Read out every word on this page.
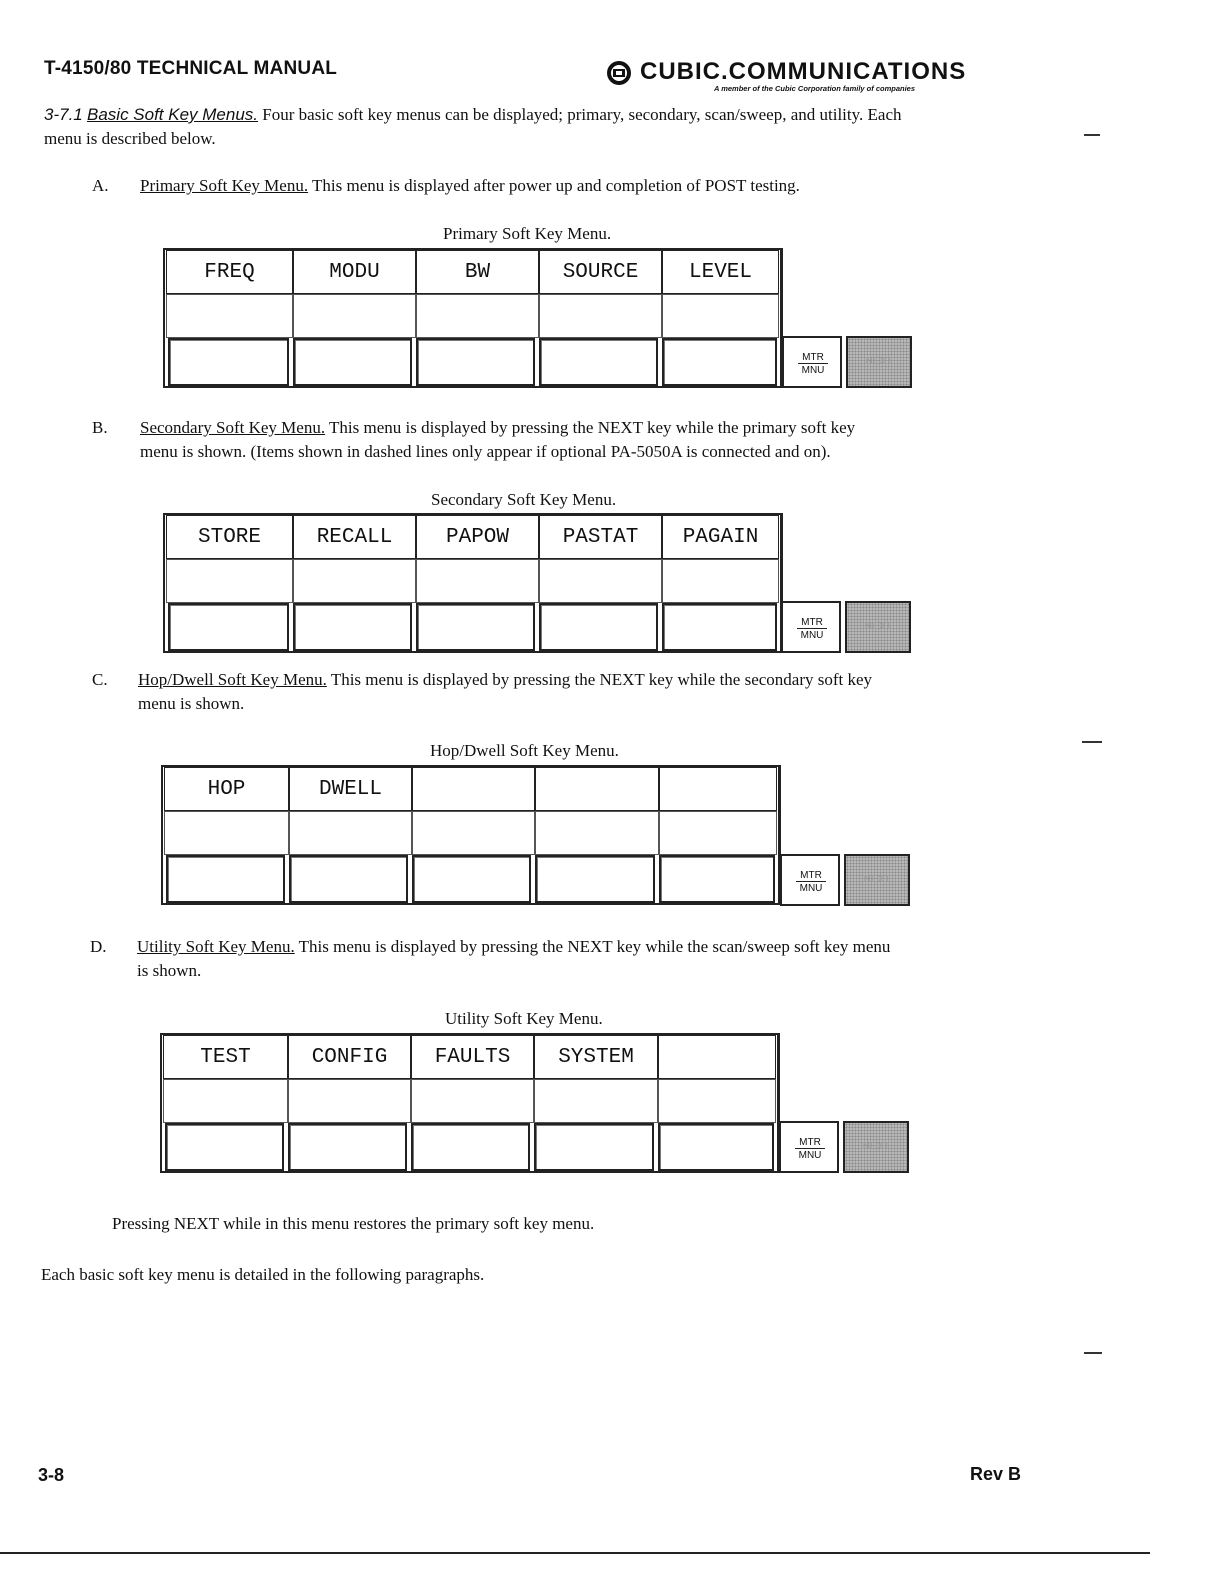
T-4150/80 TECHNICAL MANUAL	CUBIC.COMMUNICATIONS
A member of the Cubic Corporation family of companies
3-7.1 Basic Soft Key Menus. Four basic soft key menus can be displayed; primary, secondary, scan/sweep, and utility. Each
menu is described below.
A. Primary Soft Key Menu. This menu is displayed after power up and completion of POST testing.
Primary Soft Key Menu.
FREQ	MODU	BW	SOURCE	LEVEL
MTR
MNU
NEXT
B. Secondary Soft Key Menu. This menu is displayed by pressing the NEXT key while the primary soft key
menu is shown. (Items shown in dashed lines only appear if optional PA-5050A is connected and on).
Secondary Soft Key Menu.
STORE	RECALL	PAPOW	PASTAT	PAGAIN
MTR
MNU
NEXT
C. Hop/Dwell Soft Key Menu. This menu is displayed by pressing the NEXT key while the secondary soft key
menu is shown.
Hop/Dwell Soft Key Menu.
HOP	DWELL
MTR
MNU
NEXT
D. Utility Soft Key Menu. This menu is displayed by pressing the NEXT key while the scan/sweep soft key menu
is shown.
Utility Soft Key Menu.
TEST	CONFIG	FAULTS	SYSTEM
MTR
MNU
NEXT
Pressing NEXT while in this menu restores the primary soft key menu.
Each basic soft key menu is detailed in the following paragraphs.
3-8	Rev B
